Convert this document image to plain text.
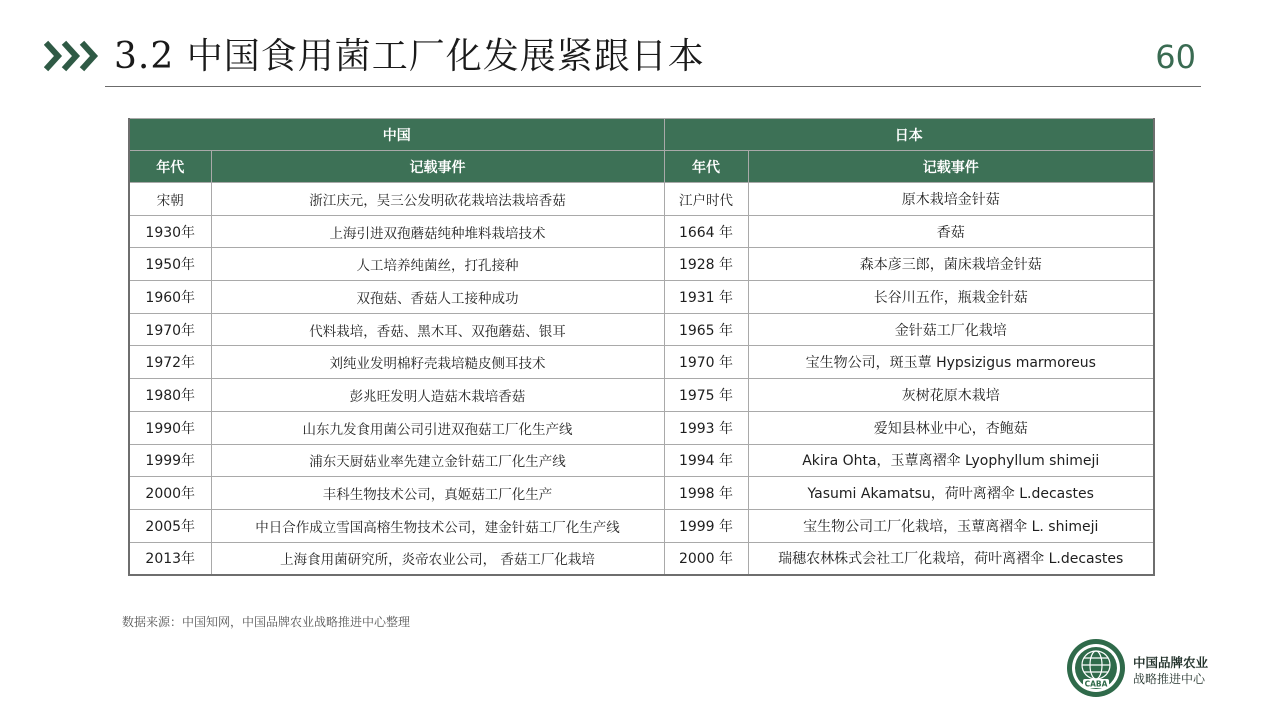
3.2 中国食用菌工厂化发展紧跟日本	60
中国		日本	
年代	记载事件	年代	记载事件
宋朝	浙江庆元，吴三公发明砍花栽培法栽培香菇	江户时代	原木栽培金针菇
1930年	上海引进双孢蘑菇纯种堆料栽培技术	1664 年	香菇
1950年	人工培养纯菌丝，打孔接种	1928 年	森本彦三郎，菌床栽培金针菇
1960年	双孢菇、香菇人工接种成功	1931 年	长谷川五作，瓶栽金针菇
1970年	代料栽培，香菇、黑木耳、双孢蘑菇、银耳	1965 年	金针菇工厂化栽培
1972年	刘纯业发明棉籽壳栽培糙皮侧耳技术	1970 年	宝生物公司，斑玉蕈 Hypsizigus marmoreus
1980年	彭兆旺发明人造菇木栽培香菇	1975 年	灰树花原木栽培
1990年	山东九发食用菌公司引进双孢菇工厂化生产线	1993 年	爱知县林业中心，杏鲍菇
1999年	浦东天厨菇业率先建立金针菇工厂化生产线	1994 年	Akira Ohta，玉蕈离褶伞 Lyophyllum shimeji
2000年	丰科生物技术公司，真姬菇工厂化生产	1998 年	Yasumi Akamatsu，荷叶离褶伞 L.decastes
2005年	中日合作成立雪国高榕生物技术公司，建金针菇工厂化生产线	1999 年	宝生物公司工厂化栽培，玉蕈离褶伞 L. shimeji
2013年	上海食用菌研究所，炎帝农业公司， 香菇工厂化栽培	2000 年	瑞穗农林株式会社工厂化栽培，荷叶离褶伞 L.decastes
数据来源：中国知网，中国品牌农业战略推进中心整理
CABA
中国品牌农业
战略推进中心
